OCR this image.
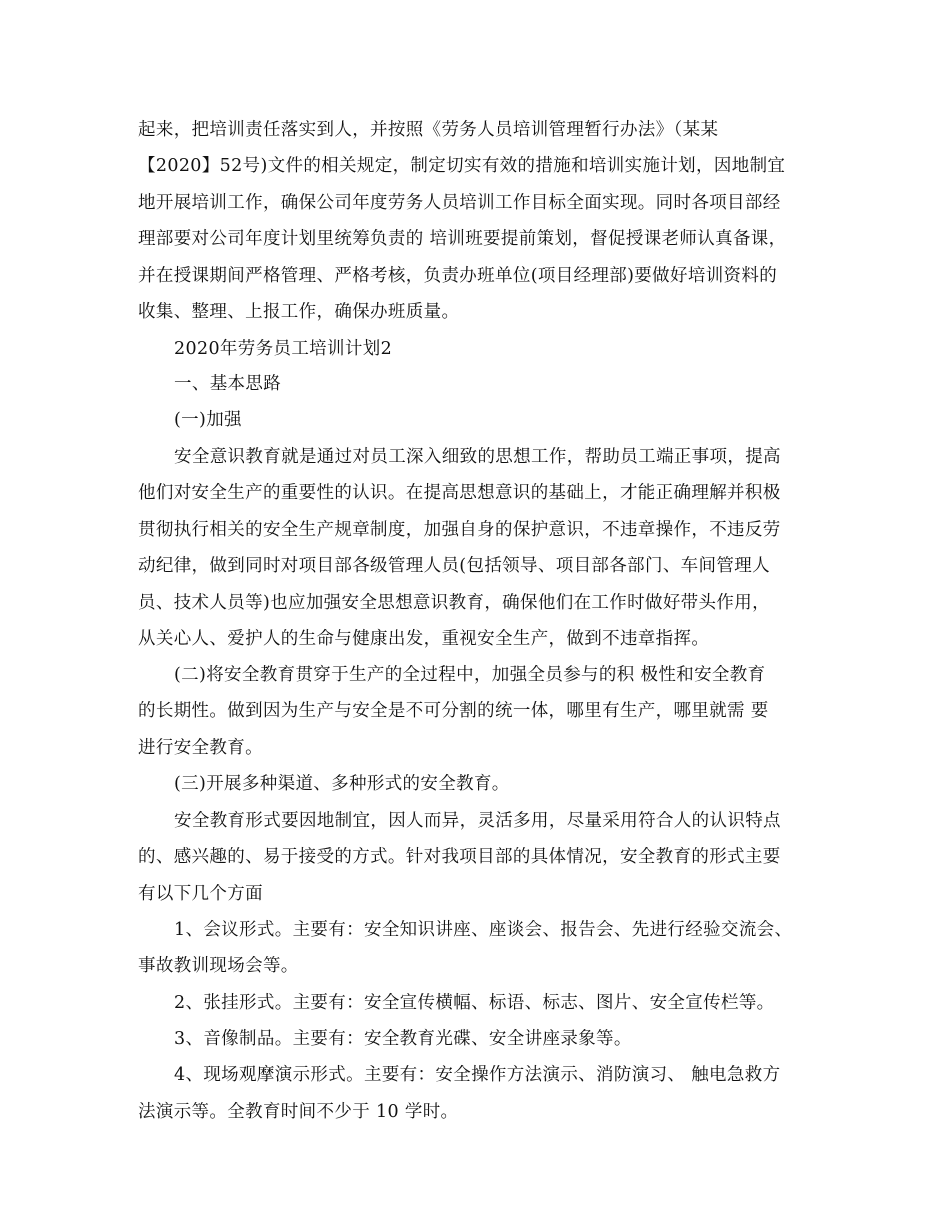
起来，把培训责任落实到人，并按照《劳务人员培训管理暂行办法》（某某
【2020】52号)文件的相关规定，制定切实有效的措施和培训实施计划，因地制宜
地开展培训工作，确保公司年度劳务人员培训工作目标全面实现。同时各项目部经
理部要对公司年度计划里统筹负责的 培训班要提前策划，督促授课老师认真备课，
并在授课期间严格管理、严格考核，负责办班单位(项目经理部)要做好培训资料的
收集、整理、上报工作，确保办班质量。
2020年劳务员工培训计划2
一、基本思路
(一)加强
安全意识教育就是通过对员工深入细致的思想工作，帮助员工端正事项，提高
他们对安全生产的重要性的认识。在提高思想意识的基础上，才能正确理解并积极
贯彻执行相关的安全生产规章制度，加强自身的保护意识，不违章操作，不违反劳
动纪律，做到同时对项目部各级管理人员(包括领导、项目部各部门、车间管理人
员、技术人员等)也应加强安全思想意识教育，确保他们在工作时做好带头作用，
从关心人、爱护人的生命与健康出发，重视安全生产，做到不违章指挥。
(二)将安全教育贯穿于生产的全过程中，加强全员参与的积 极性和安全教育
的长期性。做到因为生产与安全是不可分割的统一体，哪里有生产，哪里就需 要
进行安全教育。
(三)开展多种渠道、多种形式的安全教育。
安全教育形式要因地制宜，因人而异，灵活多用，尽量采用符合人的认识特点
的、感兴趣的、易于接受的方式。针对我项目部的具体情况，安全教育的形式主要
有以下几个方面
1、会议形式。主要有：安全知识讲座、座谈会、报告会、先进行经验交流会、
事故教训现场会等。
2、张挂形式。主要有：安全宣传横幅、标语、标志、图片、安全宣传栏等。
3、音像制品。主要有：安全教育光碟、安全讲座录象等。
4、现场观摩演示形式。主要有：安全操作方法演示、消防演习、 触电急救方
法演示等。全教育时间不少于 10 学时。
